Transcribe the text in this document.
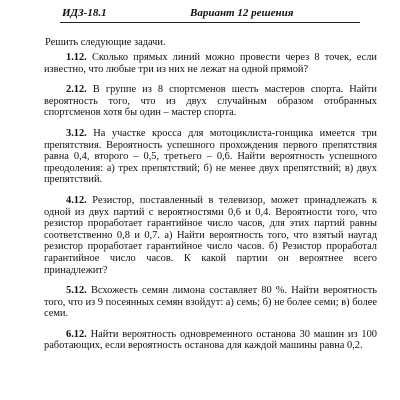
ИДЗ-18.1	Вариант 12 решения
Решить следующие задачи.

1.12. Сколько прямых линий можно провести через 8 точек, если известно, что любые три из них не лежат на одной прямой?

2.12. В группе из 8 спортсменов шесть мастеров спорта. Найти вероятность того, что из двух случайным образом отобранных спортсменов хотя бы один – мастер спорта.

3.12. На участке кросса для мотоциклиста-гонщика имеется три препятствия. Вероятность успешного прохождения первого препятствия равна 0,4, второго – 0,5, третьего – 0,6. Найти вероятность успешного преодоления: а) трех препятствий; б) не менее двух препятствий; в) двух препятствий.

4.12. Резистор, поставленный в телевизор, может принадлежать к одной из двух партий с вероятностями 0,6 и 0,4. Вероятности того, что резистор проработает гарантийное число часов, для этих партий равны соответственно 0,8 и 0,7. а) Найти вероятность того, что взятый наугад резистор проработает гарантийное число часов. б) Резистор проработал гарантийное число часов. К какой партии он вероятнее всего принадлежит?

5.12. Всхожесть семян лимона составляет 80 %. Найти вероятность того, что из 9 посеянных семян взойдут: а) семь; б) не более семи; в) более семи.

6.12. Найти вероятность одновременного останова 30 машин из 100 работающих, если вероятность останова для каждой машины равна 0,2.
